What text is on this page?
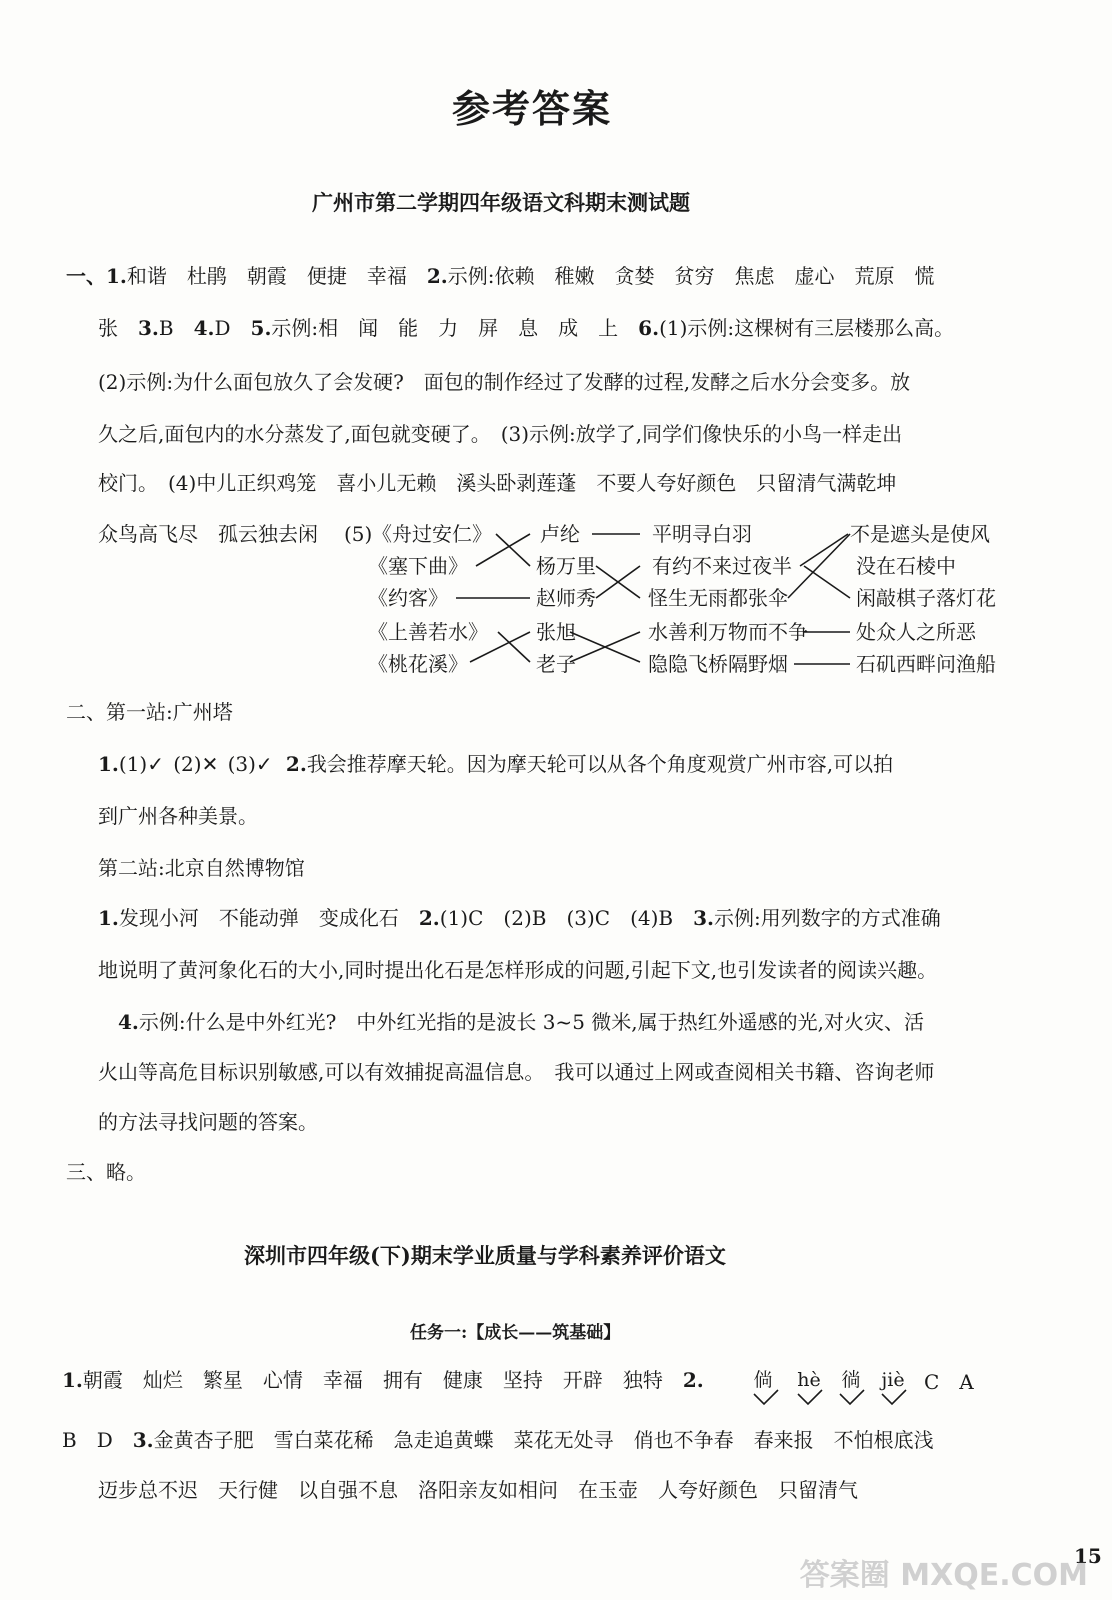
参考答案
广州市第二学期四年级语文科期末测试题
一、1.和谐　杜鹃　朝霞　便捷　幸福　2.示例:依赖　稚嫩　贪婪　贫穷　焦虑　虚心　荒原　慌
张　3.B　4.D　5.示例:相　闻　能　力　屏　息　成　上　6.(1)示例:这棵树有三层楼那么高。
(2)示例:为什么面包放久了会发硬?　面包的制作经过了发酵的过程,发酵之后水分会变多。放
久之后,面包内的水分蒸发了,面包就变硬了。　(3)示例:放学了,同学们像快乐的小鸟一样走出
校门。　(4)中儿正织鸡笼　喜小儿无赖　溪头卧剥莲蓬　不要人夸好颜色　只留清气满乾坤
众鸟高飞尽　孤云独去闲 (5) 《舟过安仁》
《塞下曲》
《约客》
《上善若水》
《桃花溪》
卢纶
杨万里
赵师秀
张旭
老子
平明寻白羽
有约不来过夜半
怪生无雨都张伞
水善利万物而不争
隐隐飞桥隔野烟
不是遮头是使风
没在石棱中
闲敲棋子落灯花
处众人之所恶
石矶西畔问渔船
二、第一站:广州塔
1.(1)✓ (2)✕ (3)✓ 2.我会推荐摩天轮。因为摩天轮可以从各个角度观赏广州市容,可以拍
到广州各种美景。
第二站:北京自然博物馆
1.发现小河　不能动弹　变成化石　2.(1)C　(2)B　(3)C　(4)B　3.示例:用列数字的方式准确
地说明了黄河象化石的大小,同时提出化石是怎样形成的问题,引起下文,也引发读者的阅读兴趣。
4.示例:什么是中外红光?　中外红光指的是波长 3~5 微米,属于热红外遥感的光,对火灾、活
火山等高危目标识别敏感,可以有效捕捉高温信息。　我可以通过上网或查阅相关书籍、咨询老师
的方法寻找问题的答案。
三、略。
深圳市四年级(下)期末学业质量与学科素养评价语文
任务一:【成长——筑基础】
1.朝霞　灿烂　繁星　心情　幸福　拥有　健康　坚持　开辟　独特　2.	倘 hè 徜 jiè C　A
B　D　3.金黄杏子肥　雪白菜花稀　急走追黄蝶　菜花无处寻　俏也不争春　春来报　不怕根底浅
迈步总不迟　天行健　以自强不息　洛阳亲友如相问　在玉壶　人夸好颜色　只留清气
15
答案圈 MXQE.COM
